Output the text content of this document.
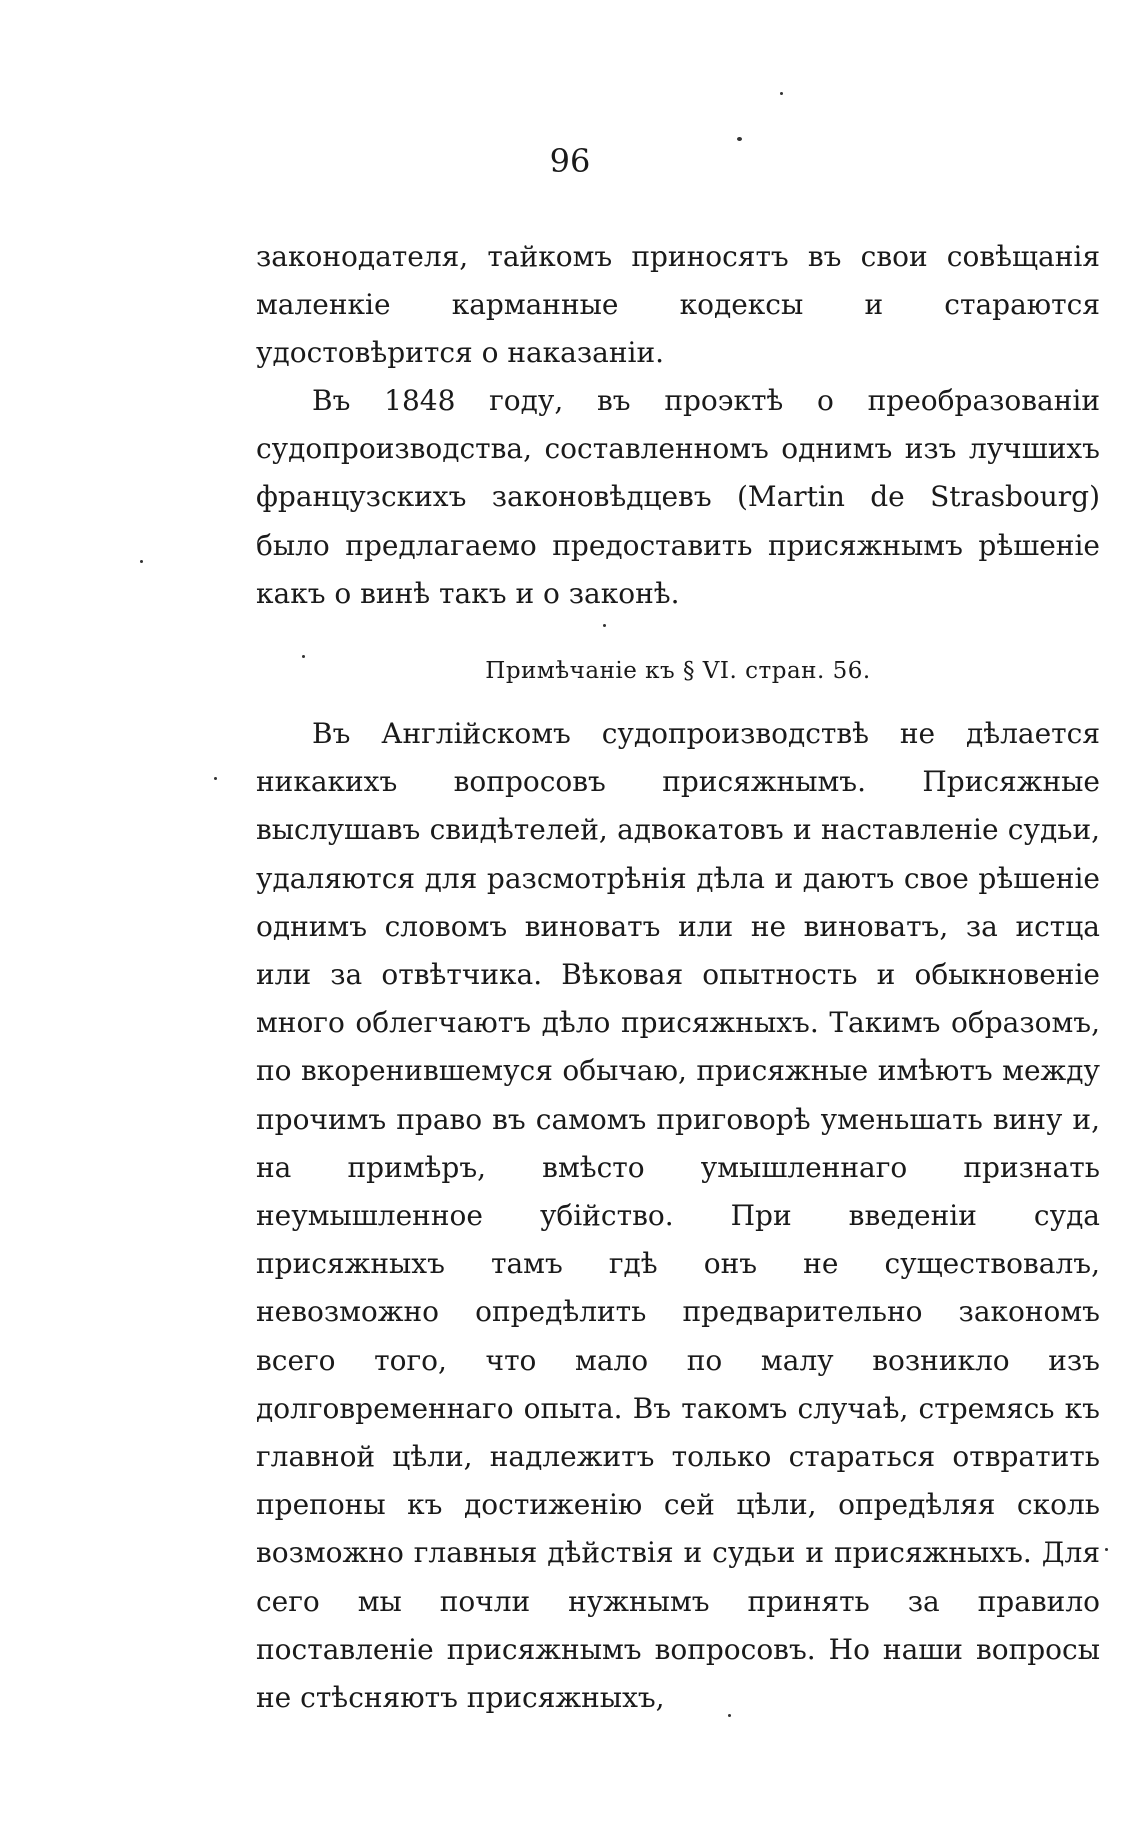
96

законодателя, тайкомъ приносятъ въ свои совѣщанія маленкіе карманные кодексы и стараются удостовѣрится о наказаніи.

Въ 1848 году, въ проэктѣ о преобразованіи судопроизводства, составленномъ однимъ изъ лучшихъ французскихъ законовѣдцевъ (Martin de Strasbourg) было предлагаемо предоставить присяжнымъ рѣшеніе какъ о винѣ такъ и о законѣ.

Примѣчаніе къ § VI. стран. 56.

Въ Англійскомъ судопроизводствѣ не дѣлается никакихъ вопросовъ присяжнымъ. Присяжные выслушавъ свидѣтелей, адвокатовъ и наставленіе судьи, удаляются для разсмотрѣнія дѣла и даютъ свое рѣшеніе однимъ словомъ виноватъ или не виноватъ, за истца или за отвѣтчика. Вѣковая опытность и обыкновеніе много облегчаютъ дѣло присяжныхъ. Такимъ образомъ, по вкоренившемуся обычаю, присяжные имѣютъ между прочимъ право въ самомъ приговорѣ уменьшать вину и, на примѣръ, вмѣсто умышленнаго признать неумышленное убійство. При введеніи суда присяжныхъ тамъ гдѣ онъ не существовалъ, невозможно опредѣлить предварительно закономъ всего того, что мало по малу возникло изъ долговременнаго опыта. Въ такомъ случаѣ, стремясь къ главной цѣли, надлежитъ только стараться отвратить препоны къ достиженію сей цѣли, опредѣляя сколь возможно главныя дѣйствія и судьи и присяжныхъ. Для сего мы почли нужнымъ принять за правило поставленіе присяжнымъ вопросовъ. Но наши вопросы не стѣсняютъ присяжныхъ,
